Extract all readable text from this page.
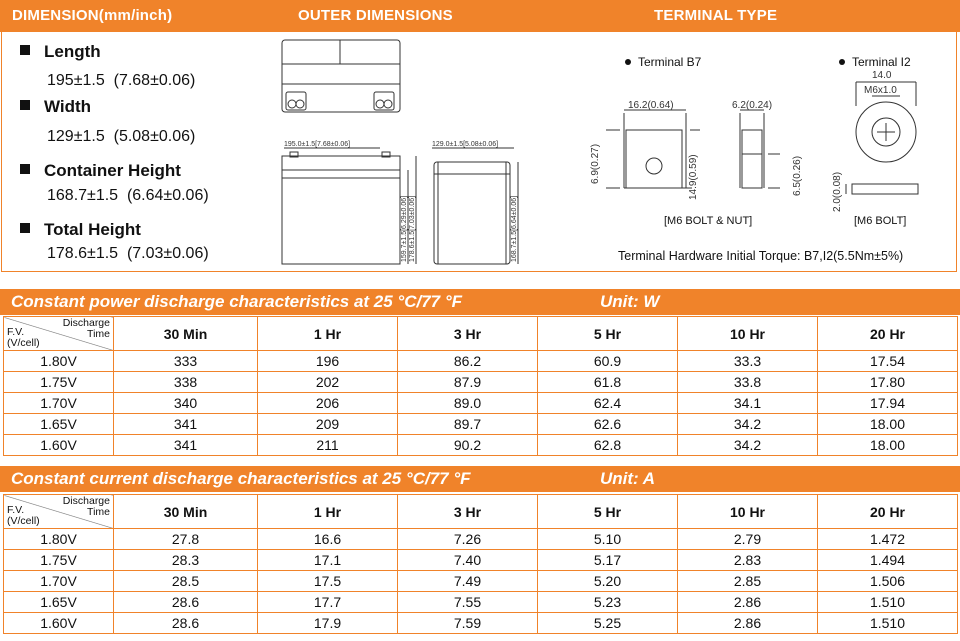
DIMENSION(mm/inch)	OUTER DIMENSIONS	TERMINAL TYPE
Length
195±1.5 (7.68±0.06)
Width
129±1.5 (5.08±0.06)
Container Height
168.7±1.5 (6.64±0.06)
Total Height
178.6±1.5 (7.03±0.06)
195.0±1.5[7.68±0.06]	129.0±1.5[5.08±0.06]
159.7±1.5[6.29±0.06] 178.6±1.5[7.03±0.06]	168.7±1.5[6.64±0.06]
Terminal B7	Terminal I2
16.2(0.64)	6.2(0.24)
6.9(0.27)	14.9(0.59)	6.5(0.26)
[M6 BOLT & NUT]
14.0
M6x1.0
2.0(0.08)
[M6 BOLT]
Terminal Hardware Initial Torque: B7,I2(5.5Nm±5%)
Constant power discharge characteristics at 25 °C/77 °F	Unit: W
Discharge
Time
F.V.
(V/cell)	30 Min	1 Hr	3 Hr	5 Hr	10 Hr	20 Hr
1.80V	333	196	86.2	60.9	33.3	17.54
1.75V	338	202	87.9	61.8	33.8	17.80
1.70V	340	206	89.0	62.4	34.1	17.94
1.65V	341	209	89.7	62.6	34.2	18.00
1.60V	341	211	90.2	62.8	34.2	18.00
Constant current discharge characteristics at 25 °C/77 °F	Unit: A
Discharge
Time
F.V.
(V/cell)	30 Min	1 Hr	3 Hr	5 Hr	10 Hr	20 Hr
1.80V	27.8	16.6	7.26	5.10	2.79	1.472
1.75V	28.3	17.1	7.40	5.17	2.83	1.494
1.70V	28.5	17.5	7.49	5.20	2.85	1.506
1.65V	28.6	17.7	7.55	5.23	2.86	1.510
1.60V	28.6	17.9	7.59	5.25	2.86	1.510
